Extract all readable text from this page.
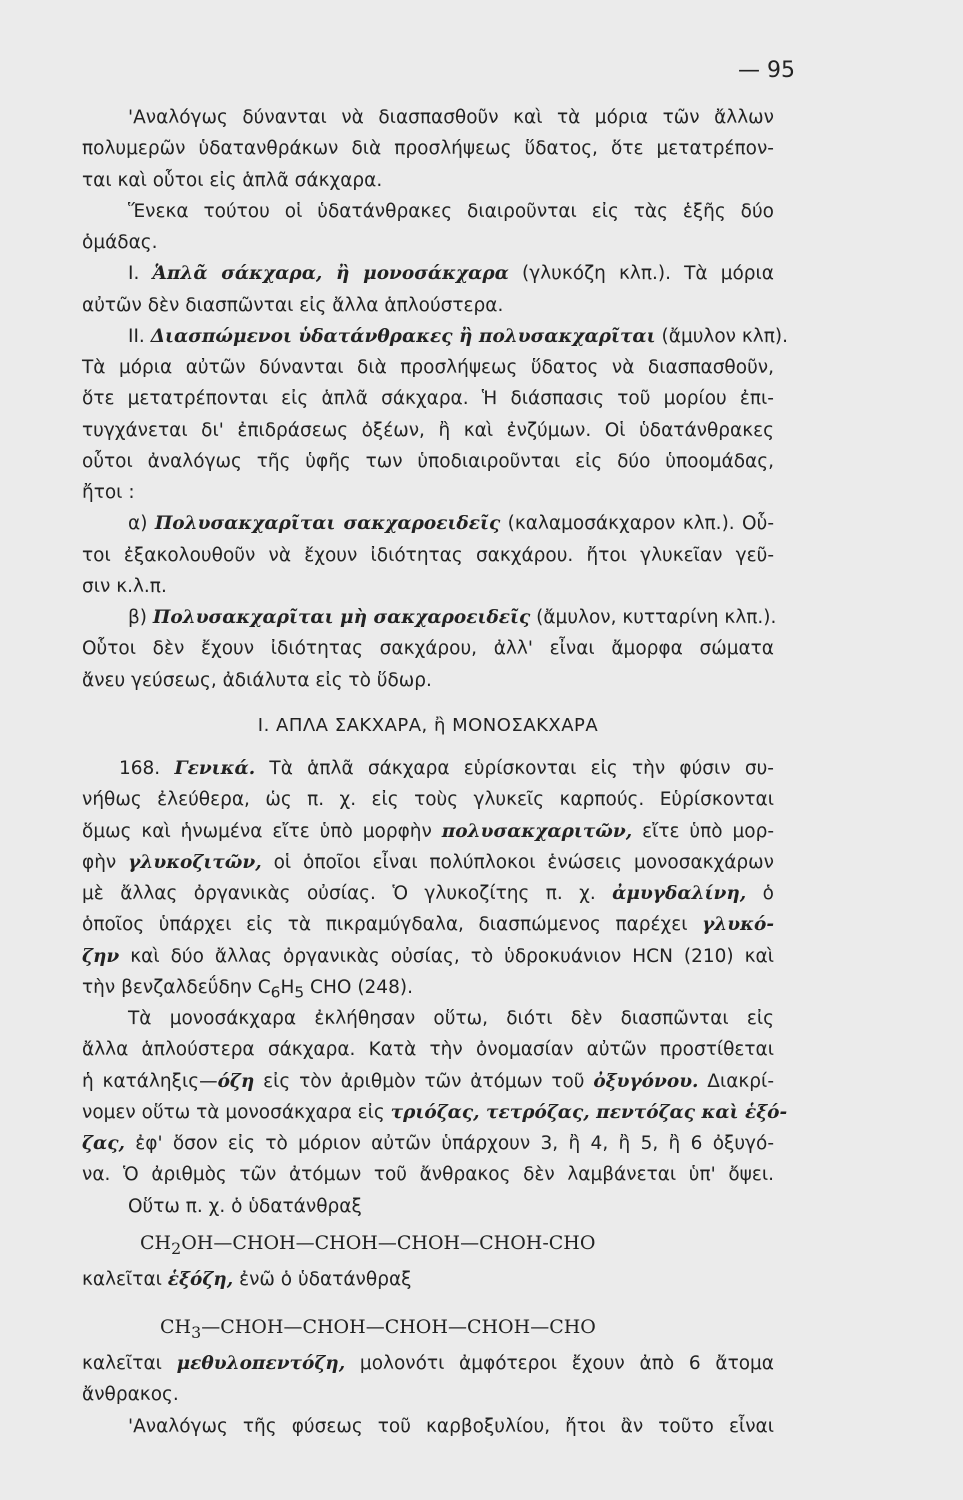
— 95
'Αναλόγως δύνανται νὰ διασπασθοῦν καὶ τὰ μόρια τῶν ἄλλων
πολυμερῶν ὑδατανθράκων διὰ προσλήψεως ὕδατος, ὅτε μετατρέπον-
ται καὶ οὗτοι εἰς ἁπλᾶ σάκχαρα.
Ἕνεκα τούτου οἱ ὑδατάνθρακες διαιροῦνται εἰς τὰς ἑξῆς δύο
ὁμάδας.
I. Ἁπλᾶ σάκχαρα, ἢ μονοσάκχαρα (γλυκόζη κλπ.). Τὰ μόρια
αὐτῶν δὲν διασπῶνται εἰς ἄλλα ἁπλούστερα.
II. Διασπώμενοι ὑδατάνθρακες ἢ πολυσακχαρῖται (ἄμυλον κλπ).
Τὰ μόρια αὐτῶν δύνανται διὰ προσλήψεως ὕδατος νὰ διασπασθοῦν,
ὅτε μετατρέπονται εἰς ἁπλᾶ σάκχαρα. Ἡ διάσπασις τοῦ μορίου ἐπι-
τυγχάνεται δι' ἐπιδράσεως ὀξέων, ἢ καὶ ἐνζύμων. Οἱ ὑδατάνθρακες
οὗτοι ἀναλόγως τῆς ὑφῆς των ὑποδιαιροῦνται εἰς δύο ὑποομάδας,
ἤτοι :
α) Πολυσακχαρῖται σακχαροειδεῖς (καλαμοσάκχαρον κλπ.). Οὗ-
τοι ἐξακολουθοῦν νὰ ἔχουν ἰδιότητας σακχάρου. ἤτοι γλυκεῖαν γεῦ-
σιν κ.λ.π.
β) Πολυσακχαρῖται μὴ σακχαροειδεῖς (ἄμυλον, κυτταρίνη κλπ.).
Οὗτοι δὲν ἔχουν ἰδιότητας σακχάρου, ἀλλ' εἶναι ἄμορφα σώματα
ἄνευ γεύσεως, ἀδιάλυτα εἰς τὸ ὕδωρ.
I. ΑΠΛΑ ΣΑΚΧΑΡΑ, ἢ ΜΟΝΟΣΑΚΧΑΡΑ
168. Γενικά. Τὰ ἁπλᾶ σάκχαρα εὑρίσκονται εἰς τὴν φύσιν συ-
νήθως ἐλεύθερα, ὡς π. χ. εἰς τοὺς γλυκεῖς καρπούς. Εὑρίσκονται
ὅμως καὶ ἡνωμένα εἴτε ὑπὸ μορφὴν πολυσακχαριτῶν, εἴτε ὑπὸ μορ-
φὴν γλυκοζιτῶν, οἱ ὁποῖοι εἶναι πολύπλοκοι ἑνώσεις μονοσακχάρων
μὲ ἄλλας ὀργανικὰς οὐσίας. Ὁ γλυκοζίτης π. χ. ἀμυγδαλίνη, ὁ
ὁποῖος ὑπάρχει εἰς τὰ πικραμύγδαλα, διασπώμενος παρέχει γλυκό-
ζην καὶ δύο ἄλλας ὀργανικὰς οὐσίας, τὸ ὑδροκυάνιον HCN (210) καὶ
τὴν βενζαλδεΰδην $C_6H_5$ CHO (248).
Τὰ μονοσάκχαρα ἐκλήθησαν οὕτω, διότι δὲν διασπῶνται εἰς
ἄλλα ἁπλούστερα σάκχαρα. Κατὰ τὴν ὀνομασίαν αὐτῶν προστίθεται
ἡ κατάληξις—όζη εἰς τὸν ἀριθμὸν τῶν ἀτόμων τοῦ ὀξυγόνου. Διακρί-
νομεν οὕτω τὰ μονοσάκχαρα εἰς τριόζας, τετρόζας, πεντόζας καὶ ἑξό-
ζας, ἐφ' ὅσον εἰς τὸ μόριον αὐτῶν ὑπάρχουν 3, ἢ 4, ἢ 5, ἢ 6 ὀξυγό-
να. Ὁ ἀριθμὸς τῶν ἀτόμων τοῦ ἄνθρακος δὲν λαμβάνεται ὑπ' ὄψει.
Οὕτω π. χ. ὁ ὑδατάνθραξ
$CH_2OH—CHOH—CHOH—CHOH—CHOH$-CHO
καλεῖται ἑξόζη, ἐνῶ ὁ ὑδατάνθραξ
$CH_3—CHOH—CHOH—CHOH—CHOH—CHO$
καλεῖται μεθυλοπεντόζη, μολονότι ἀμφότεροι ἔχουν ἀπὸ 6 ἄτομα
ἄνθρακος.
'Αναλόγως τῆς φύσεως τοῦ καρβοξυλίου, ἤτοι ἂν τοῦτο εἶναι
